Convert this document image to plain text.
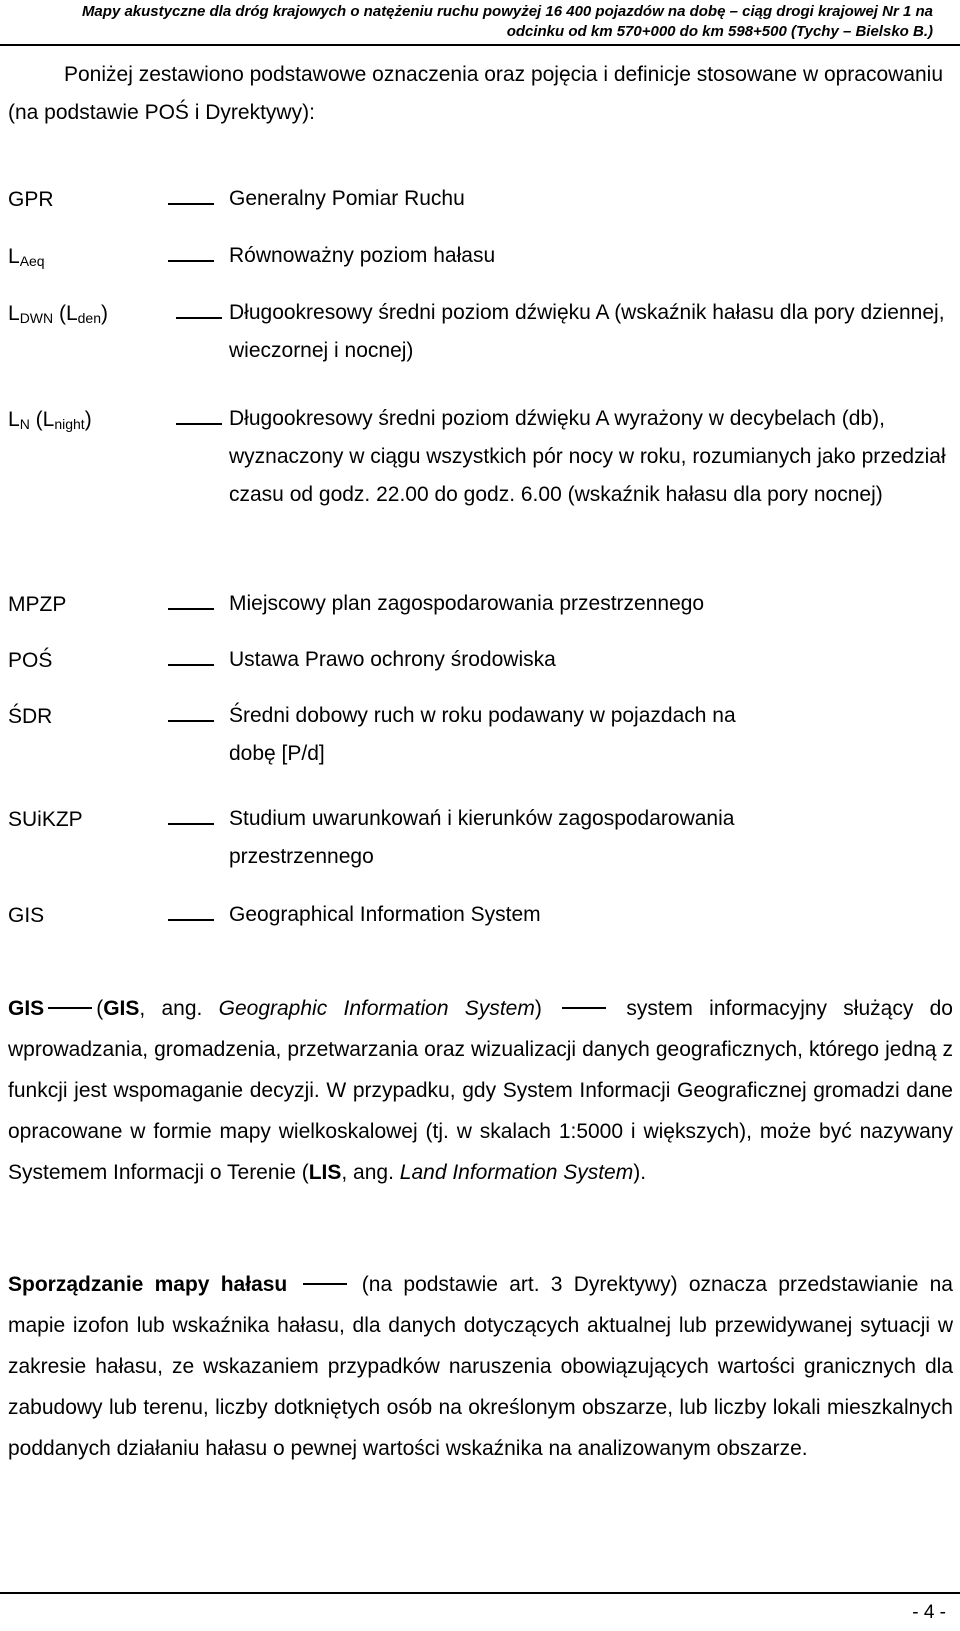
Mapy akustyczne dla dróg krajowych o natężeniu ruchu powyżej 16 400 pojazdów na dobę – ciąg drogi krajowej Nr 1 na
odcinku od km 570+000 do km 598+500 (Tychy – Bielsko B.)
Poniżej zestawiono podstawowe oznaczenia oraz pojęcia i definicje stosowane w opracowaniu (na podstawie POŚ i Dyrektywy):
GPR	Generalny Pomiar Ruchu
$L_{Aeq}$	Równoważny poziom hałasu
$L_{DWN}$ $(L_{den})$	Długookresowy średni poziom dźwięku A (wskaźnik hałasu dla pory dziennej, wieczornej i nocnej)
$L_N$ $(L_{night})$	Długookresowy średni poziom dźwięku A wyrażony w decybelach (db), wyznaczony w ciągu wszystkich pór nocy w roku, rozumianych jako przedział czasu od godz. 22.00 do godz. 6.00 (wskaźnik hałasu dla pory nocnej)
MPZP	Miejscowy plan zagospodarowania przestrzennego
POŚ	Ustawa Prawo ochrony środowiska
ŚDR	Średni dobowy ruch w roku podawany w pojazdach na dobę [P/d]
SUiKZP	Studium uwarunkowań i kierunków zagospodarowania przestrzennego
GIS	Geographical Information System
GIS (GIS, ang. Geographic Information System)	system informacyjny służący do wprowadzania, gromadzenia, przetwarzania oraz wizualizacji danych geograficznych, którego jedną z funkcji jest wspomaganie decyzji. W przypadku, gdy System Informacji Geograficznej gromadzi dane opracowane w formie mapy wielkoskalowej (tj. w skalach 1:5000 i większych), może być nazywany Systemem Informacji o Terenie (LIS, ang. Land Information System).
Sporządzanie mapy hałasu	(na podstawie art. 3 Dyrektywy) oznacza przedstawianie na mapie izofon lub wskaźnika hałasu, dla danych dotyczących aktualnej lub przewidywanej sytuacji w zakresie hałasu, ze wskazaniem przypadków naruszenia obowiązujących wartości granicznych dla zabudowy lub terenu, liczby dotkniętych osób na określonym obszarze, lub liczby lokali mieszkalnych poddanych działaniu hałasu o pewnej wartości wskaźnika na analizowanym obszarze.
- 4 -
